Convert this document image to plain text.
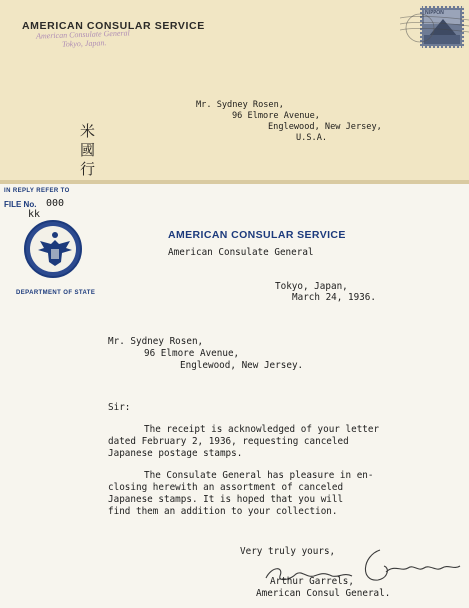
AMERICAN CONSULAR SERVICE
American Consulate General
Tokyo, Japan.
NIPPON
Mr. Sydney Rosen,
96 Elmore Avenue,
Englewood, New Jersey,
U.S.A.
米
國
行
IN REPLY REFER TO
FILE No. 000
kk
DEPARTMENT OF STATE
AMERICAN CONSULAR SERVICE
American Consulate General
Tokyo, Japan,
March 24, 1936.
Mr. Sydney Rosen,
96 Elmore Avenue,
Englewood, New Jersey.
Sir:
The receipt is acknowledged of your letter
dated February 2, 1936, requesting canceled
Japanese postage stamps.
The Consulate General has pleasure in en-
closing herewith an assortment of canceled
Japanese stamps. It is hoped that you will
find them an addition to your collection.
Very truly yours,
Arthur Garrels,
American Consul General.
